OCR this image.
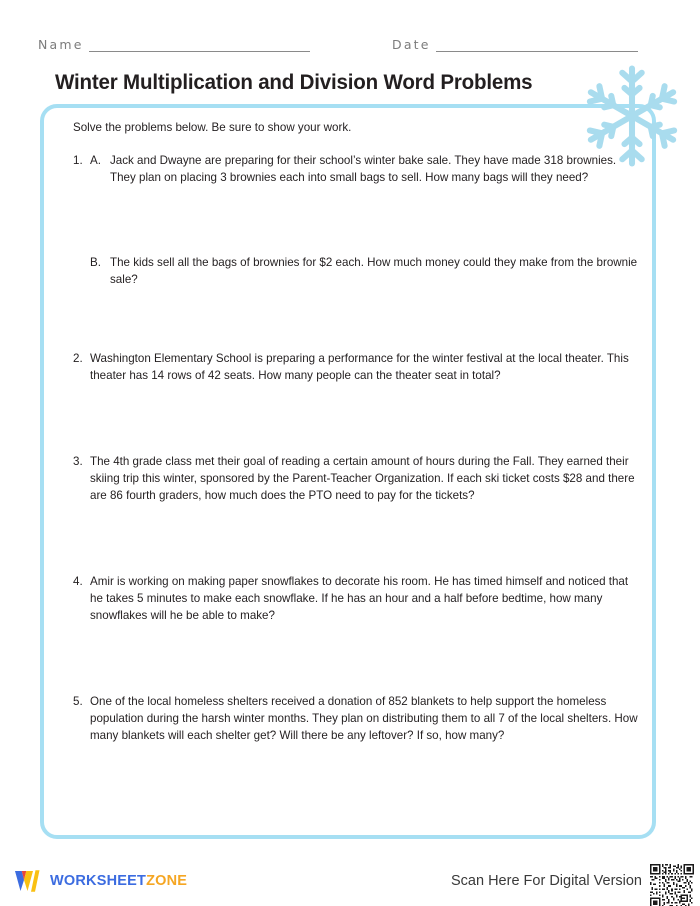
Name	Date
Winter Multiplication and Division Word Problems
Solve the problems below. Be sure to show your work.
1. A. Jack and Dwayne are preparing for their school’s winter bake sale. They have made 318 brownies. They plan on placing 3 brownies each into small bags to sell. How many bags will they need?
B. The kids sell all the bags of brownies for $2 each. How much money could they make from the brownie sale?
2. Washington Elementary School is preparing a performance for the winter festival at the local theater. This theater has 14 rows of 42 seats. How many people can the theater seat in total?
3. The 4th grade class met their goal of reading a certain amount of hours during the Fall. They earned their skiing trip this winter, sponsored by the Parent-Teacher Organization. If each ski ticket costs $28 and there are 86 fourth graders, how much does the PTO need to pay for the tickets?
4. Amir is working on making paper snowflakes to decorate his room. He has timed himself and noticed that he takes 5 minutes to make each snowflake. If he has an hour and a half before bedtime, how many snowflakes will he be able to make?
5. One of the local homeless shelters received a donation of 852 blankets to help support the homeless population during the harsh winter months. They plan on distributing them to all 7 of the local shelters. How many blankets will each shelter get? Will there be any leftover? If so, how many?
WORKSHEETZONE	Scan Here For Digital Version
